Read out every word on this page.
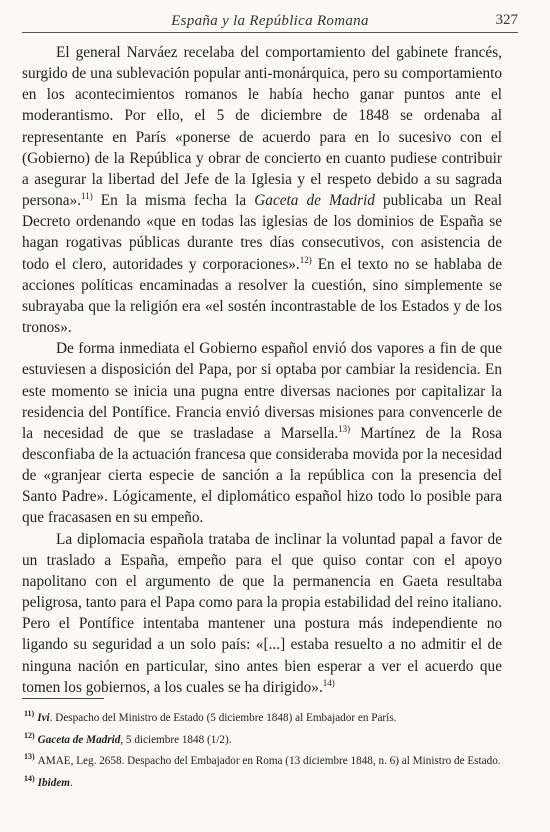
España y la República Romana	327

El general Narváez recelaba del comportamiento del gabinete francés, surgido de una sublevación popular anti-monárquica, pero su comportamiento en los acontecimientos romanos le había hecho ganar puntos ante el moderantismo. Por ello, el 5 de diciembre de 1848 se ordenaba al representante en París «ponerse de acuerdo para en lo sucesivo con el (Gobierno) de la República y obrar de concierto en cuanto pudiese contribuir a asegurar la libertad del Jefe de la Iglesia y el respeto debido a su sagrada persona».$^{11)}$ En la misma fecha la Gaceta de Madrid publicaba un Real Decreto ordenando «que en todas las iglesias de los dominios de España se hagan rogativas públicas durante tres días consecutivos, con asistencia de todo el clero, autoridades y corporaciones».$^{12)}$ En el texto no se hablaba de acciones políticas encaminadas a resolver la cuestión, sino simplemente se subrayaba que la religión era «el sostén incontrastable de los Estados y de los tronos».

De forma inmediata el Gobierno español envió dos vapores a fin de que estuviesen a disposición del Papa, por si optaba por cambiar la residencia. En este momento se inicia una pugna entre diversas naciones por capitalizar la residencia del Pontífice. Francia envió diversas misiones para convencerle de la necesidad de que se trasladase a Marsella.$^{13)}$ Martínez de la Rosa desconfiaba de la actuación francesa que consideraba movida por la necesidad de «granjear cierta especie de sanción a la república con la presencia del Santo Padre». Lógicamente, el diplomático español hizo todo lo posible para que fracasasen en su empeño.

La diplomacia española trataba de inclinar la voluntad papal a favor de un traslado a España, empeño para el que quiso contar con el apoyo napolitano con el argumento de que la permanencia en Gaeta resultaba peligrosa, tanto para el Papa como para la propia estabilidad del reino italiano. Pero el Pontífice intentaba mantener una postura más independiente no ligando su seguridad a un solo país: «[...] estaba resuelto a no admitir el de ninguna nación en particular, sino antes bien esperar a ver el acuerdo que tomen los gobiernos, a los cuales se ha dirigido».$^{14)}$

$^{11)}$ Ivi. Despacho del Ministro de Estado (5 diciembre 1848) al Embajador en París.

$^{12)}$ Gaceta de Madrid, 5 diciembre 1848 (1/2).

$^{13)}$ AMAE, Leg. 2658. Despacho del Embajador en Roma (13 diciembre 1848, n. 6) al Ministro de Estado.

$^{14)}$ Ibidem.
